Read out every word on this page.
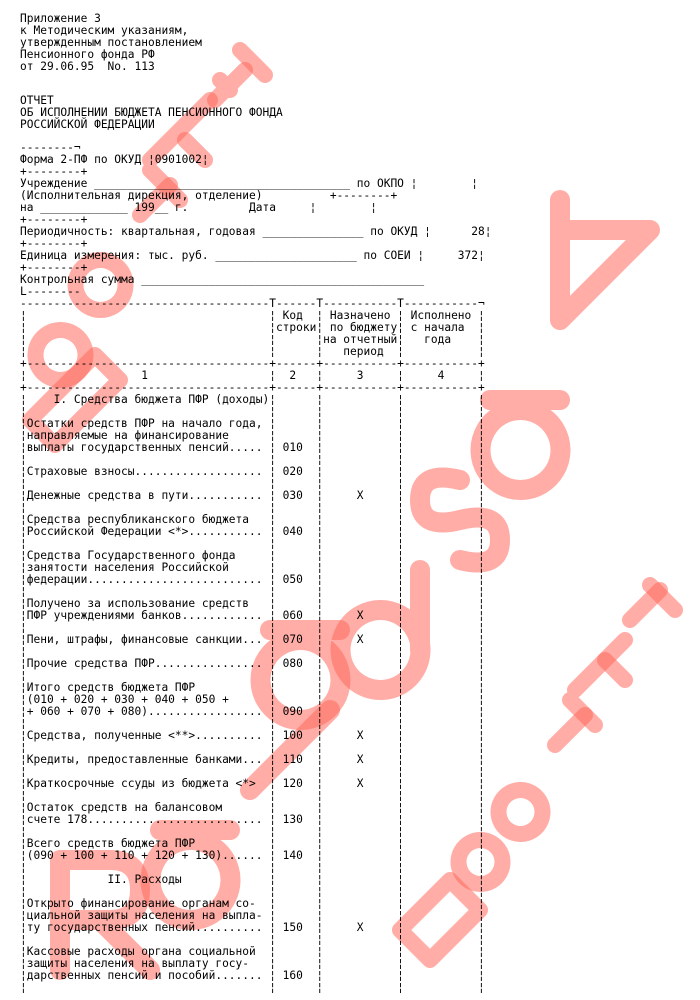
Приложение 3
к Методическим указаниям,
утвержденным постановлением
Пенсионного фонда РФ
от 29.06.95  No. 113
ОТЧЕТ
ОБ ИСПОЛНЕНИИ БЮДЖЕТА ПЕНСИОННОГО ФОНДА
РОССИЙСКОЙ ФЕДЕРАЦИИ
--------¬
Форма 2-ПФ по ОКУД ¦0901002¦
+--------+
Учреждение ______________________________________ по ОКПО ¦        ¦
(Исполнительная дирекция, отделение)          +--------+
на _____________ 199__ г.         Дата     ¦        ¦
+--------+
Периодичность: квартальная, годовая _______________ по ОКУД ¦      28¦
+--------+
Единица измерения: тыс. руб. _____________________ по СОЕИ ¦     372¦
+--------+
Контрольная сумма __________________________________________
L--------
-------------------------------------T------T-----------T-----------¬
¦                                    ¦ Код  ¦ Назначено ¦ Исполнено ¦
¦                                    ¦строки¦ по бюджету¦ с начала  ¦
¦                                    ¦      ¦на отчетный¦   года    ¦
¦                                    ¦      ¦   период  ¦           ¦
+------------------------------------+------+-----------+-----------+
¦                 1                  ¦  2   ¦     3     ¦     4     ¦
+------------------------------------+------+-----------+-----------+
¦    I. Средства бюджета ПФР (доходы)¦      ¦           ¦           ¦
¦                                    ¦      ¦           ¦           ¦
¦Остатки средств ПФР на начало года, ¦      ¦           ¦           ¦
¦направляемые на финансирование      ¦      ¦           ¦           ¦
¦выплаты государственных пенсий..... ¦ 010  ¦           ¦           ¦
¦                                    ¦      ¦           ¦           ¦
¦Страховые взносы................... ¦ 020  ¦           ¦           ¦
¦                                    ¦      ¦           ¦           ¦
¦Денежные средства в пути........... ¦ 030  ¦     X     ¦           ¦
¦                                    ¦      ¦           ¦           ¦
¦Средства республиканского бюджета   ¦      ¦           ¦           ¦
¦Российской Федерации <*>........... ¦ 040  ¦           ¦           ¦
¦                                    ¦      ¦           ¦           ¦
¦Средства Государственного фонда     ¦      ¦           ¦           ¦
¦занятости населения Российской      ¦      ¦           ¦           ¦
¦федерации.......................... ¦ 050  ¦           ¦           ¦
¦                                    ¦      ¦           ¦           ¦
¦Получено за использование средств   ¦      ¦           ¦           ¦
¦ПФР учреждениями банков............ ¦ 060  ¦     X     ¦           ¦
¦                                    ¦      ¦           ¦           ¦
¦Пени, штрафы, финансовые санкции... ¦ 070  ¦     X     ¦           ¦
¦                                    ¦      ¦           ¦           ¦
¦Прочие средства ПФР................ ¦ 080  ¦           ¦           ¦
¦                                    ¦      ¦           ¦           ¦
¦Итого средств бюджета ПФР           ¦      ¦           ¦           ¦
¦(010 + 020 + 030 + 040 + 050 +      ¦      ¦           ¦           ¦
¦+ 060 + 070 + 080)................. ¦ 090  ¦           ¦           ¦
¦                                    ¦      ¦           ¦           ¦
¦Средства, полученные <**>.......... ¦ 100  ¦     X     ¦           ¦
¦                                    ¦      ¦           ¦           ¦
¦Кредиты, предоставленные банками... ¦ 110  ¦     X     ¦           ¦
¦                                    ¦      ¦           ¦           ¦
¦Краткосрочные ссуды из бюджета <*>  ¦ 120  ¦     X     ¦           ¦
¦                                    ¦      ¦           ¦           ¦
¦Остаток средств на балансовом       ¦      ¦           ¦           ¦
¦счете 178.......................... ¦ 130  ¦           ¦           ¦
¦                                    ¦      ¦           ¦           ¦
¦Всего средств бюджета ПФР           ¦      ¦           ¦           ¦
¦(090 + 100 + 110 + 120 + 130)...... ¦ 140  ¦           ¦           ¦
¦                                    ¦      ¦           ¦           ¦
¦            II. Расходы             ¦      ¦           ¦           ¦
¦                                    ¦      ¦           ¦           ¦
¦Открыто финансирование органам со-  ¦      ¦           ¦           ¦
¦циальной защиты населения на выпла- ¦      ¦           ¦           ¦
¦ту государственных пенсий.......... ¦ 150  ¦     X     ¦           ¦
¦                                    ¦      ¦           ¦           ¦
¦Кассовые расходы органа социальной  ¦      ¦           ¦           ¦
¦защиты населения на выплату госу-   ¦      ¦           ¦           ¦
¦дарственных пенсий и пособий....... ¦ 160  ¦           ¦           ¦
¦                                    ¦      ¦           ¦           ¦
